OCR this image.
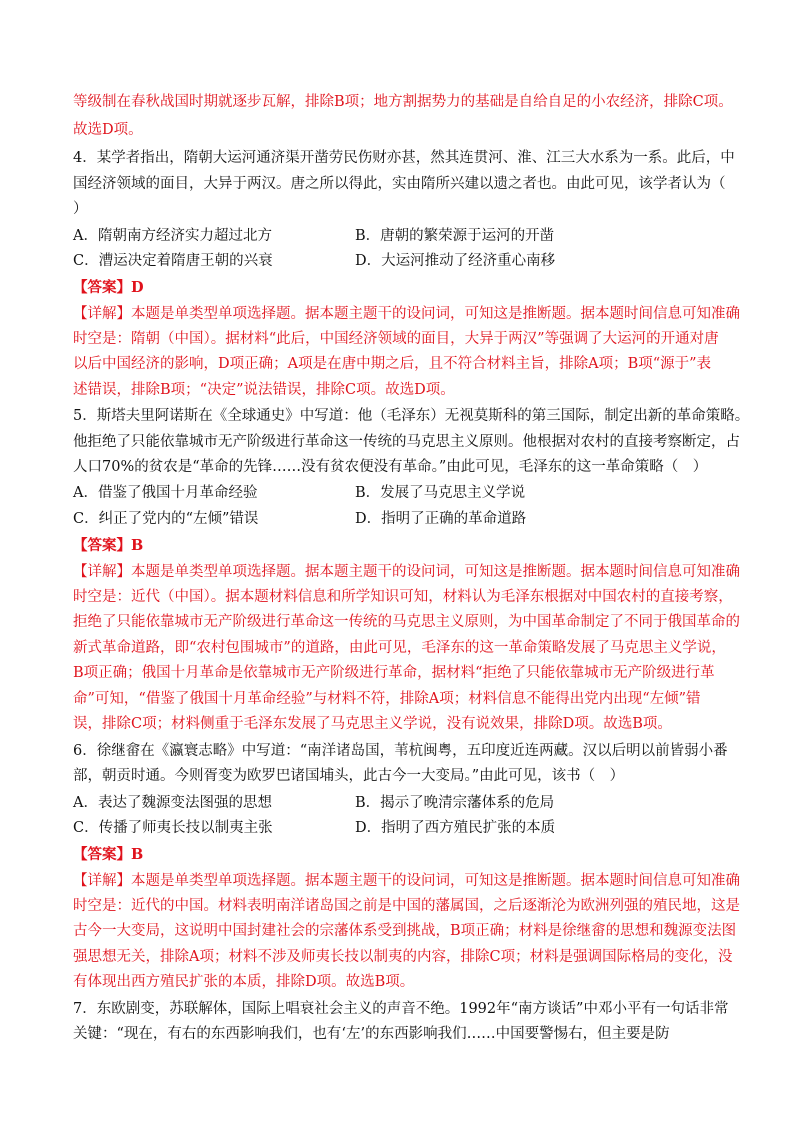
等级制在春秋战国时期就逐步瓦解，排除B项；地方割据势力的基础是自给自足的小农经济，排除C项。
故选D项。
4．某学者指出，隋朝大运河通济渠开凿劳民伤财亦甚，然其连贯河、淮、江三大水系为一系。此后，中
国经济领域的面目，大异于两汉。唐之所以得此，实由隋所兴建以遗之者也。由此可见，该学者认为（
）
A．隋朝南方经济实力超过北方	B．唐朝的繁荣源于运河的开凿
C．漕运决定着隋唐王朝的兴衰	D．大运河推动了经济重心南移
【答案】D
【详解】本题是单类型单项选择题。据本题主题干的设问词，可知这是推断题。据本题时间信息可知准确
时空是：隋朝（中国）。据材料“此后，中国经济领域的面目，大异于两汉”等强调了大运河的开通对唐
以后中国经济的影响，D项正确；A项是在唐中期之后，且不符合材料主旨，排除A项；B项“源于”表
述错误，排除B项；“决定”说法错误，排除C项。故选D项。
5．斯塔夫里阿诺斯在《全球通史》中写道：他（毛泽东）无视莫斯科的第三国际，制定出新的革命策略。
他拒绝了只能依靠城市无产阶级进行革命这一传统的马克思主义原则。他根据对农村的直接考察断定，占
人口70%的贫农是“革命的先锋……没有贫农便没有革命。”由此可见，毛泽东的这一革命策略（　）
A．借鉴了俄国十月革命经验	B．发展了马克思主义学说
C．纠正了党内的“左倾”错误	D．指明了正确的革命道路
【答案】B
【详解】本题是单类型单项选择题。据本题主题干的设问词，可知这是推断题。据本题时间信息可知准确
时空是：近代（中国）。据本题材料信息和所学知识可知，材料认为毛泽东根据对中国农村的直接考察，
拒绝了只能依靠城市无产阶级进行革命这一传统的马克思主义原则，为中国革命制定了不同于俄国革命的
新式革命道路，即“农村包围城市”的道路，由此可见，毛泽东的这一革命策略发展了马克思主义学说，
B项正确；俄国十月革命是依靠城市无产阶级进行革命，据材料“拒绝了只能依靠城市无产阶级进行革
命”可知，“借鉴了俄国十月革命经验”与材料不符，排除A项；材料信息不能得出党内出现“左倾”错
误，排除C项；材料侧重于毛泽东发展了马克思主义学说，没有说效果，排除D项。故选B项。
6．徐继畲在《瀛寰志略》中写道：“南洋诸岛国，苇杭闽粤，五印度近连两藏。汉以后明以前皆弱小番
部，朝贡时通。今则胥变为欧罗巴诸国埔头，此古今一大变局。”由此可见，该书（　）
A．表达了魏源变法图强的思想	B．揭示了晚清宗藩体系的危局
C．传播了师夷长技以制夷主张	D．指明了西方殖民扩张的本质
【答案】B
【详解】本题是单类型单项选择题。据本题主题干的设问词，可知这是推断题。据本题时间信息可知准确
时空是：近代的中国。材料表明南洋诸岛国之前是中国的藩属国，之后逐渐沦为欧洲列强的殖民地，这是
古今一大变局，这说明中国封建社会的宗藩体系受到挑战，B项正确；材料是徐继畲的思想和魏源变法图
强思想无关，排除A项；材料不涉及师夷长技以制夷的内容，排除C项；材料是强调国际格局的变化，没
有体现出西方殖民扩张的本质，排除D项。故选B项。
7．东欧剧变，苏联解体，国际上唱衰社会主义的声音不绝。1992年“南方谈话”中邓小平有一句话非常
关键：“现在，有右的东西影响我们，也有‘左’的东西影响我们……中国要警惕右，但主要是防
